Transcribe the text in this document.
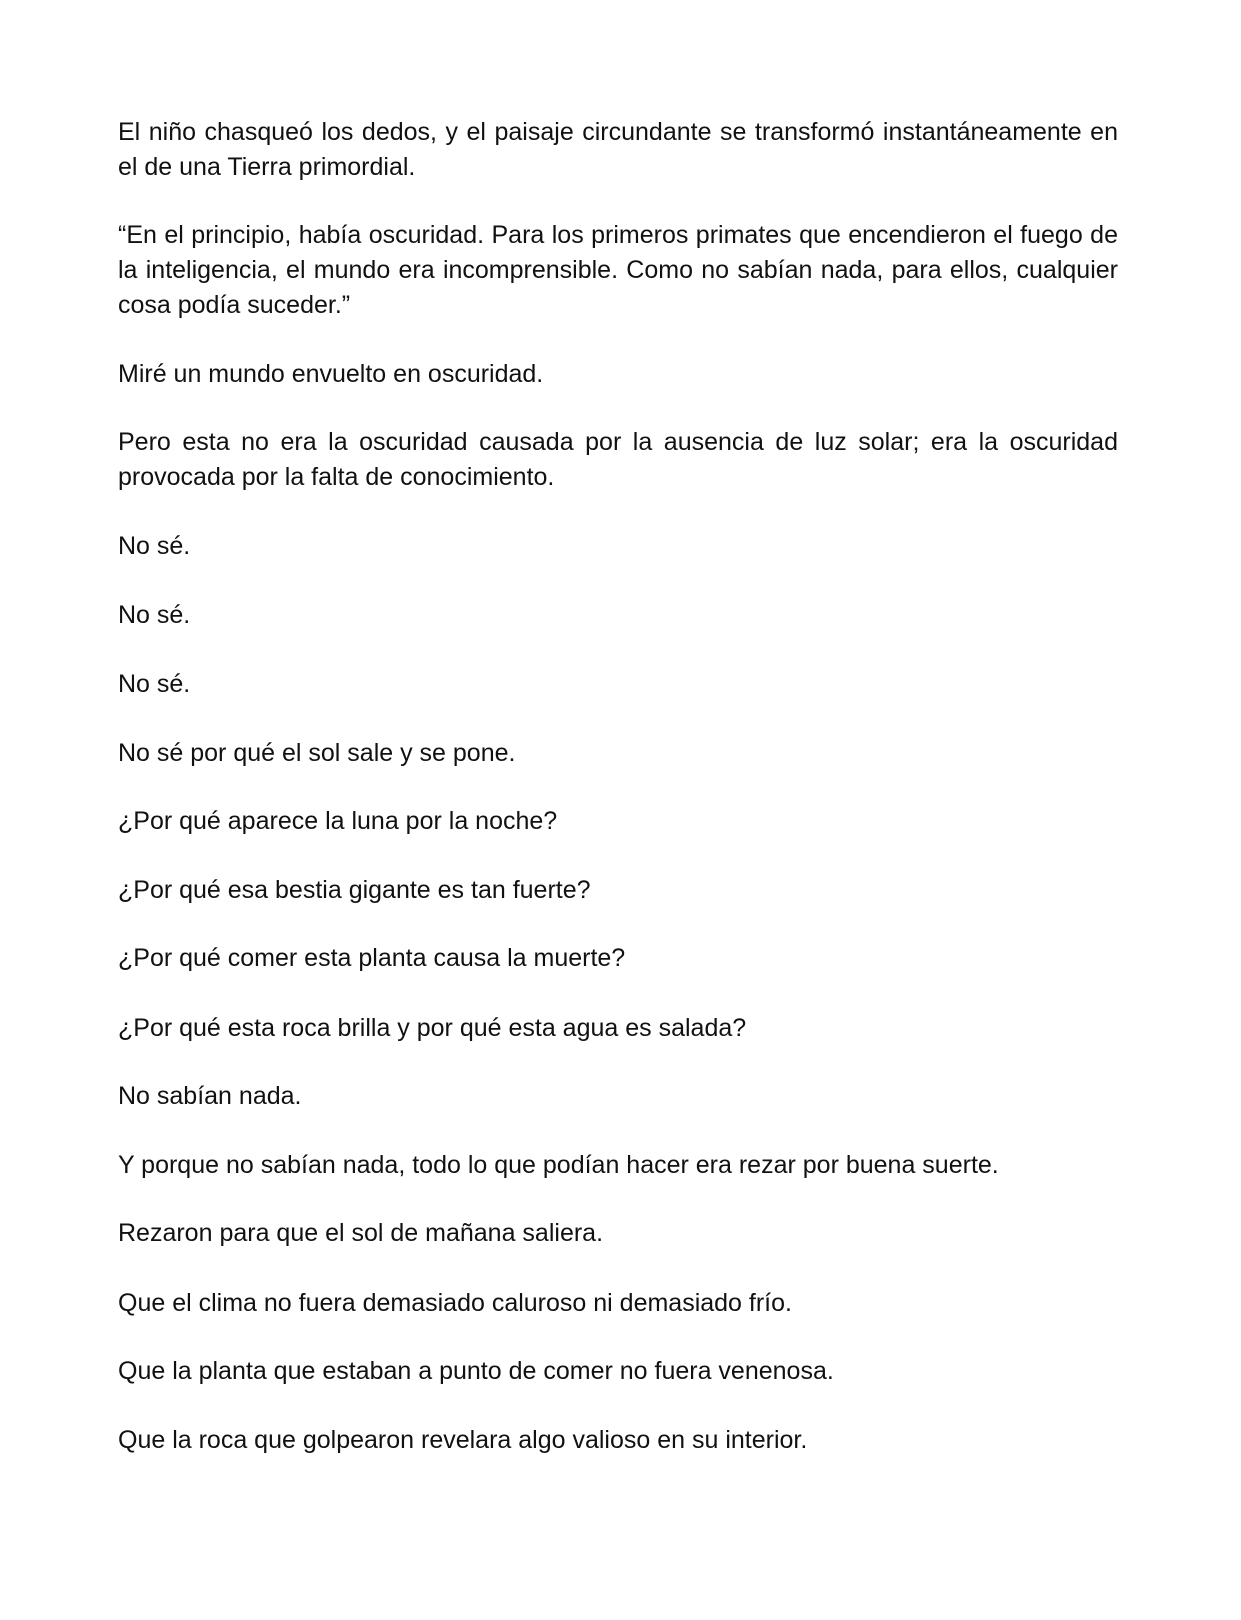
El niño chasqueó los dedos, y el paisaje circundante se transformó instantáneamente en el de una Tierra primordial.

“En el principio, había oscuridad. Para los primeros primates que encendieron el fuego de la inteligencia, el mundo era incomprensible. Como no sabían nada, para ellos, cualquier cosa podía suceder.”

Miré un mundo envuelto en oscuridad.

Pero esta no era la oscuridad causada por la ausencia de luz solar; era la oscuridad provocada por la falta de conocimiento.

No sé.

No sé.

No sé.

No sé por qué el sol sale y se pone.

¿Por qué aparece la luna por la noche?

¿Por qué esa bestia gigante es tan fuerte?

¿Por qué comer esta planta causa la muerte?

¿Por qué esta roca brilla y por qué esta agua es salada?

No sabían nada.

Y porque no sabían nada, todo lo que podían hacer era rezar por buena suerte.

Rezaron para que el sol de mañana saliera.

Que el clima no fuera demasiado caluroso ni demasiado frío.

Que la planta que estaban a punto de comer no fuera venenosa.

Que la roca que golpearon revelara algo valioso en su interior.
